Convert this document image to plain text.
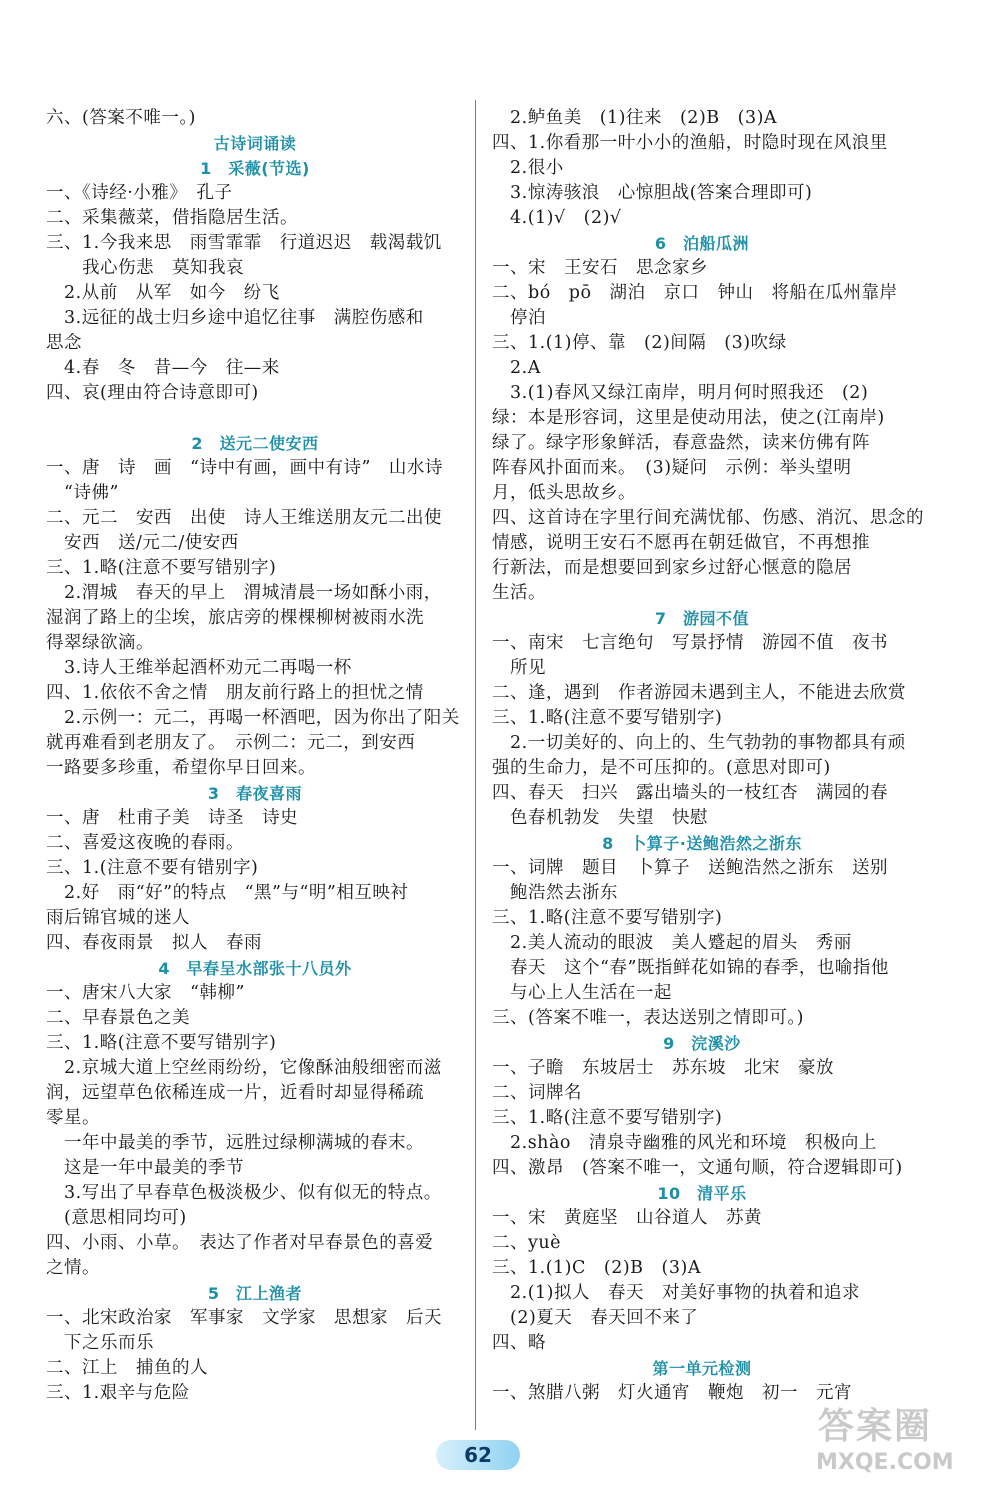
六、(答案不唯一。)
古诗词诵读
1　采薇(节选)
一、《诗经·小雅》　孔子
二、采集薇菜，借指隐居生活。
三、1.今我来思　雨雪霏霏　行道迟迟　载渴载饥
　　我心伤悲　莫知我哀
　2.从前　从军　如今　纷飞
　3.远征的战士归乡途中追忆往事　满腔伤感和
思念
　4.春　冬　昔—今　往—来
四、哀(理由符合诗意即可)
2　送元二使安西
一、唐　诗　画　“诗中有画，画中有诗”　山水诗
　“诗佛”
二、元二　安西　出使　诗人王维送朋友元二出使
　安西　送/元二/使安西
三、1.略(注意不要写错别字)
　2.渭城　春天的早上　渭城清晨一场如酥小雨，
湿润了路上的尘埃，旅店旁的棵棵柳树被雨水洗
得翠绿欲滴。
　3.诗人王维举起酒杯劝元二再喝一杯
四、1.依依不舍之情　朋友前行路上的担忧之情
　2.示例一：元二，再喝一杯酒吧，因为你出了阳关
就再难看到老朋友了。　示例二：元二，到安西
一路要多珍重，希望你早日回来。
3　春夜喜雨
一、唐　杜甫子美　诗圣　诗史
二、喜爱这夜晚的春雨。
三、1.(注意不要有错别字)
　2.好　雨“好”的特点　“黑”与“明”相互映衬
雨后锦官城的迷人
四、春夜雨景　拟人　春雨
4　早春呈水部张十八员外
一、唐宋八大家　“韩柳”
二、早春景色之美
三、1.略(注意不要写错别字)
　2.京城大道上空丝雨纷纷，它像酥油般细密而滋
润，远望草色依稀连成一片，近看时却显得稀疏
零星。
　一年中最美的季节，远胜过绿柳满城的春末。
　这是一年中最美的季节
　3.写出了早春草色极淡极少、似有似无的特点。
　(意思相同均可)
四、小雨、小草。　表达了作者对早春景色的喜爱
之情。
5　江上渔者
一、北宋政治家　军事家　文学家　思想家　后天
　下之乐而乐
二、江上　捕鱼的人
三、1.艰辛与危险
　2.鲈鱼美　(1)往来　(2)B　(3)A
四、1.你看那一叶小小的渔船，时隐时现在风浪里
　2.很小
　3.惊涛骇浪　心惊胆战(答案合理即可)
　4.(1)√　(2)√
6　泊船瓜洲
一、宋　王安石　思念家乡
二、bó　pō　湖泊　京口　钟山　将船在瓜州靠岸
　停泊
三、1.(1)停、靠　(2)间隔　(3)吹绿
　2.A
　3.(1)春风又绿江南岸，明月何时照我还　(2)
绿：本是形容词，这里是使动用法，使之(江南岸)
绿了。绿字形象鲜活，春意盎然，读来仿佛有阵
阵春风扑面而来。　(3)疑问　示例：举头望明
月，低头思故乡。
四、这首诗在字里行间充满忧郁、伤感、消沉、思念的
情感，说明王安石不愿再在朝廷做官，不再想推
行新法，而是想要回到家乡过舒心惬意的隐居
生活。
7　游园不值
一、南宋　七言绝句　写景抒情　游园不值　夜书
　所见
二、逢，遇到　作者游园未遇到主人，不能进去欣赏
三、1.略(注意不要写错别字)
　2.一切美好的、向上的、生气勃勃的事物都具有顽
强的生命力，是不可压抑的。(意思对即可)
四、春天　扫兴　露出墙头的一枝红杏　满园的春
　色春机勃发　失望　快慰
8　卜算子·送鲍浩然之浙东
一、词牌　题目　卜算子　送鲍浩然之浙东　送别
　鲍浩然去浙东
三、1.略(注意不要写错别字)
　2.美人流动的眼波　美人蹙起的眉头　秀丽
　春天　这个“春”既指鲜花如锦的春季，也喻指他
　与心上人生活在一起
三、(答案不唯一，表达送别之情即可。)
9　浣溪沙
一、子瞻　东坡居士　苏东坡　北宋　豪放
二、词牌名
三、1.略(注意不要写错别字)
　2.shào　清泉寺幽雅的风光和环境　积极向上
四、激昂　(答案不唯一，文通句顺，符合逻辑即可)
10　清平乐
一、宋　黄庭坚　山谷道人　苏黄
二、yuè
三、1.(1)C　(2)B　(3)A
　2.(1)拟人　春天　对美好事物的执着和追求
　(2)夏天　春天回不来了
四、略
第一单元检测
一、煞腊八粥　灯火通宵　鞭炮　初一　元宵
62
答案圈
MXQE.COM
